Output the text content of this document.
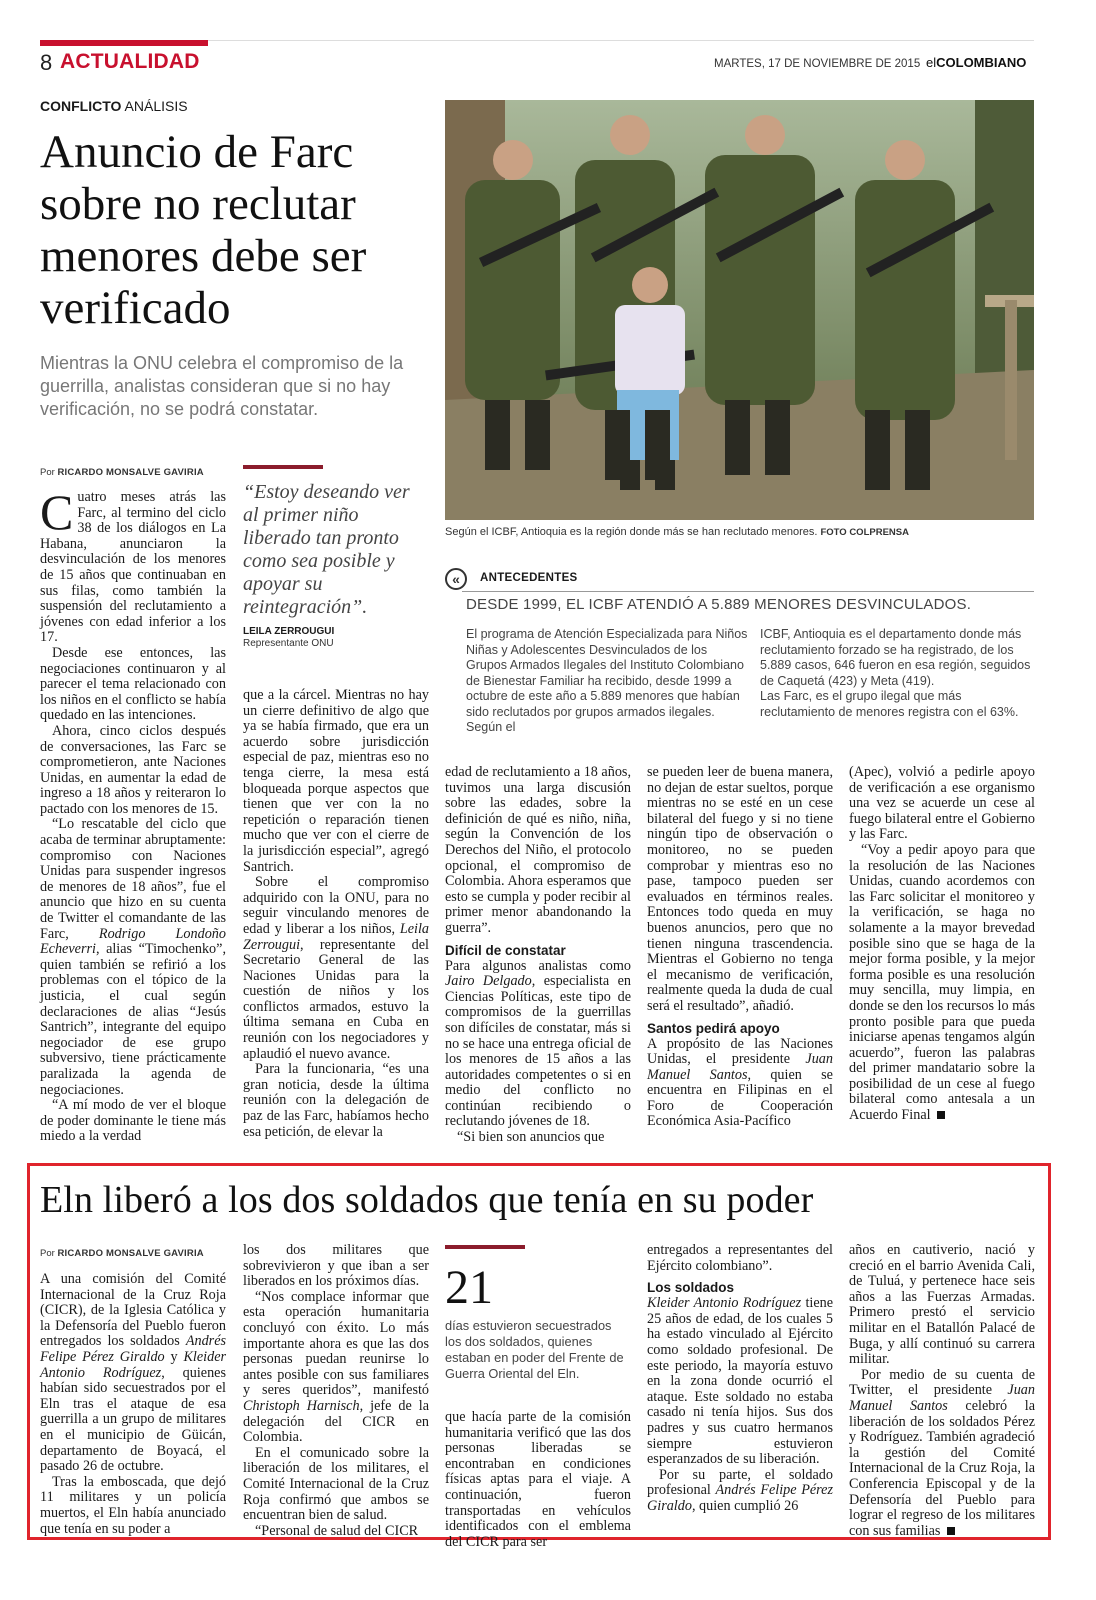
8 ACTUALIDAD	MARTES, 17 DE NOVIEMBRE DE 2015 elCOLOMBIANO
CONFLICTO ANÁLISIS
Anuncio de Farc sobre no reclutar menores debe ser verificado
Mientras la ONU celebra el compromiso de la guerrilla, analistas consideran que si no hay verificación, no se podrá constatar.
Según el ICBF, Antioquia es la región donde más se han reclutado menores. FOTO COLPRENSA
«	ANTECEDENTES
DESDE 1999, EL ICBF ATENDIÓ A 5.889 MENORES DESVINCULADOS.
El programa de Atención Especializada para Niños Niñas y Adolescentes Desvinculados de los Grupos Armados Ilegales del Instituto Colombiano de Bienestar Familiar ha recibido, desde 1999 a octubre de este año a 5.889 menores que habían sido reclutados por grupos armados ilegales. Según el

ICBF, Antioquia es el departamento donde más reclutamiento forzado se ha registrado, de los 5.889 casos, 646 fueron en esa región, seguidos de Caquetá (423) y Meta (419).

Las Farc, es el grupo ilegal que más reclutamiento de menores registra con el 63%.

Por RICARDO MONSALVE GAVIRIA

Cuatro meses atrás las Farc, al termino del ciclo 38 de los diálogos en La Habana, anunciaron la desvinculación de los menores de 15 años que continuaban en sus filas, como también la suspensión del reclutamiento a jóvenes con edad inferior a los 17.

Desde ese entonces, las negociaciones continuaron y al parecer el tema relacionado con los niños en el conflicto se había quedado en las intenciones.

Ahora, cinco ciclos después de conversaciones, las Farc se comprometieron, ante Naciones Unidas, en aumentar la edad de ingreso a 18 años y reiteraron lo pactado con los menores de 15.

“Lo rescatable del ciclo que acaba de terminar abruptamente: compromiso con Naciones Unidas para suspender ingresos de menores de 18 años”, fue el anuncio que hizo en su cuenta de Twitter el comandante de las Farc, Rodrigo Londoño Echeverri, alias “Timochenko”, quien también se refirió a los problemas con el tópico de la justicia, el cual según declaraciones de alias “Jesús Santrich”, integrante del equipo negociador de ese grupo subversivo, tiene prácticamente paralizada la agenda de negociaciones.

“A mí modo de ver el bloque de poder dominante le tiene más miedo a la verdad

“Estoy deseando ver al primer niño liberado tan pronto como sea posible y apoyar su reintegración”.
LEILA ZERROUGUI
Representante ONU

que a la cárcel. Mientras no hay un cierre definitivo de algo que ya se había firmado, que era un acuerdo sobre jurisdicción especial de paz, mientras eso no tenga cierre, la mesa está bloqueada porque aspectos que tienen que ver con la no repetición o reparación tienen mucho que ver con el cierre de la jurisdicción especial”, agregó Santrich.

Sobre el compromiso adquirido con la ONU, para no seguir vinculando menores de edad y liberar a los niños, Leila Zerrougui, representante del Secretario General de las Naciones Unidas para la cuestión de niños y los conflictos armados, estuvo la última semana en Cuba en reunión con los negociadores y aplaudió el nuevo avance.

Para la funcionaria, “es una gran noticia, desde la última reunión con la delegación de paz de las Farc, habíamos hecho esa petición, de elevar la

edad de reclutamiento a 18 años, tuvimos una larga discusión sobre las edades, sobre la definición de qué es niño, niña, según la Convención de los Derechos del Niño, el protocolo opcional, el compromiso de Colombia. Ahora esperamos que esto se cumpla y poder recibir al primer menor abandonando la guerra”.

Difícil de constatar

Para algunos analistas como Jairo Delgado, especialista en Ciencias Políticas, este tipo de compromisos de la guerrillas son difíciles de constatar, más si no se hace una entrega oficial de los menores de 15 años a las autoridades competentes o si en medio del conflicto no continúan recibiendo o reclutando jóvenes de 18.

“Si bien son anuncios que

se pueden leer de buena manera, no dejan de estar sueltos, porque mientras no se esté en un cese bilateral del fuego y si no tiene ningún tipo de observación o monitoreo, no se pueden comprobar y mientras eso no pase, tampoco pueden ser evaluados en términos reales. Entonces todo queda en muy buenos anuncios, pero que no tienen ninguna trascendencia. Mientras el Gobierno no tenga el mecanismo de verificación, realmente queda la duda de cual será el resultado”, añadió.

Santos pedirá apoyo

A propósito de las Naciones Unidas, el presidente Juan Manuel Santos, quien se encuentra en Filipinas en el Foro de Cooperación Económica Asia-Pacífico

(Apec), volvió a pedirle apoyo de verificación a ese organismo una vez se acuerde un cese al fuego bilateral entre el Gobierno y las Farc.

“Voy a pedir apoyo para que la resolución de las Naciones Unidas, cuando acordemos con las Farc solicitar el monitoreo y la verificación, se haga no solamente a la mayor brevedad posible sino que se haga de la mejor forma posible, y la mejor forma posible es una resolución muy sencilla, muy limpia, en donde se den los recursos lo más pronto posible para que pueda iniciarse apenas tengamos algún acuerdo”, fueron las palabras del primer mandatario sobre la posibilidad de un cese al fuego bilateral como antesala a un Acuerdo Final

Eln liberó a los dos soldados que tenía en su poder
Por RICARDO MONSALVE GAVIRIA

A una comisión del Comité Internacional de la Cruz Roja (CICR), de la Iglesia Católica y la Defensoría del Pueblo fueron entregados los soldados Andrés Felipe Pérez Giraldo y Kleider Antonio Rodríguez, quienes habían sido secuestrados por el Eln tras el ataque de esa guerrilla a un grupo de militares en el municipio de Güicán, departamento de Boyacá, el pasado 26 de octubre.

Tras la emboscada, que dejó 11 militares y un policía muertos, el Eln había anunciado que tenía en su poder a

los dos militares que sobrevivieron y que iban a ser liberados en los próximos días.

“Nos complace informar que esta operación humanitaria concluyó con éxito. Lo más importante ahora es que las dos personas puedan reunirse lo antes posible con sus familiares y seres queridos”, manifestó Christoph Harnisch, jefe de la delegación del CICR en Colombia.

En el comunicado sobre la liberación de los militares, el Comité Internacional de la Cruz Roja confirmó que ambos se encuentran bien de salud.

“Personal de salud del CICR

21
días estuvieron secuestrados los dos soldados, quienes estaban en poder del Frente de Guerra Oriental del Eln.

que hacía parte de la comisión humanitaria verificó que las dos personas liberadas se encontraban en condiciones físicas aptas para el viaje. A continuación, fueron transportadas en vehículos identificados con el emblema del CICR para ser

entregados a representantes del Ejército colombiano”.

Los soldados

Kleider Antonio Rodríguez tiene 25 años de edad, de los cuales 5 ha estado vinculado al Ejército como soldado profesional. De este periodo, la mayoría estuvo en la zona donde ocurrió el ataque. Este soldado no estaba casado ni tenía hijos. Sus dos padres y sus cuatro hermanos siempre estuvieron esperanzados de su liberación.

Por su parte, el soldado profesional Andrés Felipe Pérez Giraldo, quien cumplió 26

años en cautiverio, nació y creció en el barrio Avenida Cali, de Tuluá, y pertenece hace seis años a las Fuerzas Armadas. Primero prestó el servicio militar en el Batallón Palacé de Buga, y allí continuó su carrera militar.

Por medio de su cuenta de Twitter, el presidente Juan Manuel Santos celebró la liberación de los soldados Pérez y Rodríguez. También agradeció la gestión del Comité Internacional de la Cruz Roja, la Conferencia Episcopal y de la Defensoría del Pueblo para lograr el regreso de los militares con sus familias
